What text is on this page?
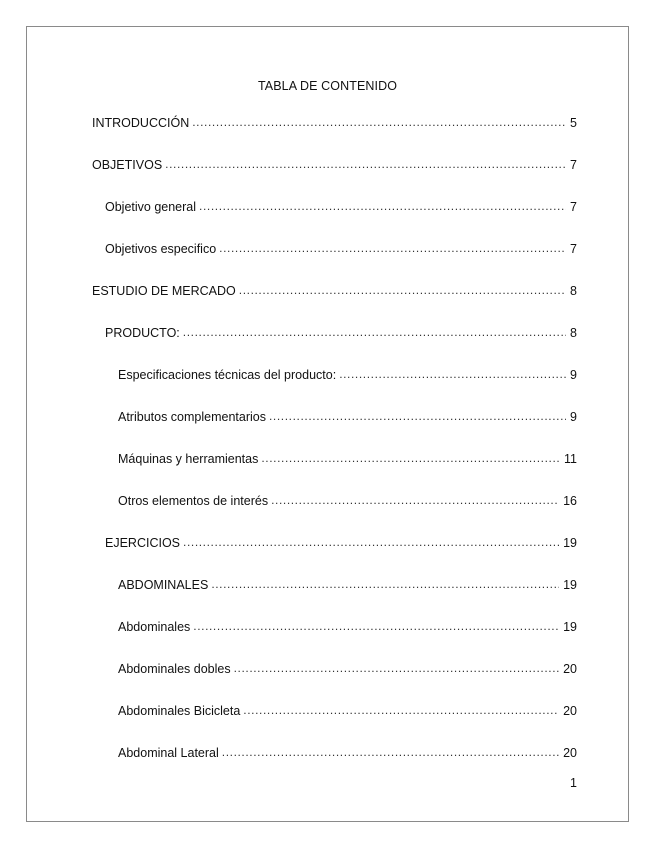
TABLA DE CONTENIDO
INTRODUCCIÓN .....	5
OBJETIVOS .....	7
Objetivo general .....	7
Objetivos especifico .....	7
ESTUDIO DE MERCADO .....	8
PRODUCTO: .....	8
Especificaciones técnicas del producto: .....	9
Atributos complementarios .....	9
Máquinas y herramientas .....	11
Otros elementos de interés .....	16
EJERCICIOS .....	19
ABDOMINALES .....	19
Abdominales .....	19
Abdominales dobles .....	20
Abdominales Bicicleta .....	20
Abdominal Lateral .....	20
1
